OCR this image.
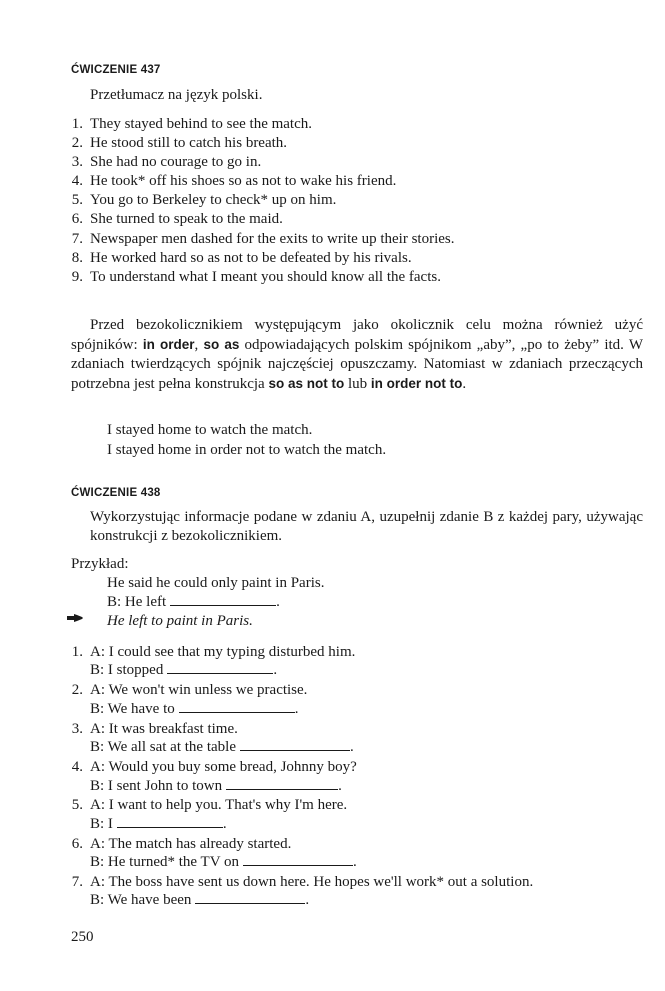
ĆWICZENIE 437
Przetłumacz na język polski.
1. They stayed behind to see the match.
2. He stood still to catch his breath.
3. She had no courage to go in.
4. He took* off his shoes so as not to wake his friend.
5. You go to Berkeley to check* up on him.
6. She turned to speak to the maid.
7. Newspaper men dashed for the exits to write up their stories.
8. He worked hard so as not to be defeated by his rivals.
9. To understand what I meant you should know all the facts.
Przed bezokolicznikiem występującym jako okolicznik celu można również użyć spójników: in order, so as odpowiadających polskim spójnikom „aby”, „po to żeby” itd. W zdaniach twierdzących spójnik najczęściej opuszczamy. Natomiast w zdaniach przeczących potrzebna jest pełna konstrukcja so as not to lub in order not to.
I stayed home to watch the match.
I stayed home in order not to watch the match.
ĆWICZENIE 438
Wykorzystując informacje podane w zdaniu A, uzupełnij zdanie B z każdej pary, używając konstrukcji z bezokolicznikiem.
Przykład:
He said he could only paint in Paris.
B: He left	.
He left to paint in Paris.
1. A: I could see that my typing disturbed him.
B: I stopped	.
2. A: We won't win unless we practise.
B: We have to	.
3. A: It was breakfast time.
B: We all sat at the table	.
4. A: Would you buy some bread, Johnny boy?
B: I sent John to town	.
5. A: I want to help you. That's why I'm here.
B: I	.
6. A: The match has already started.
B: He turned* the TV on	.
7. A: The boss have sent us down here. He hopes we'll work* out a solution.
B: We have been	.
250
